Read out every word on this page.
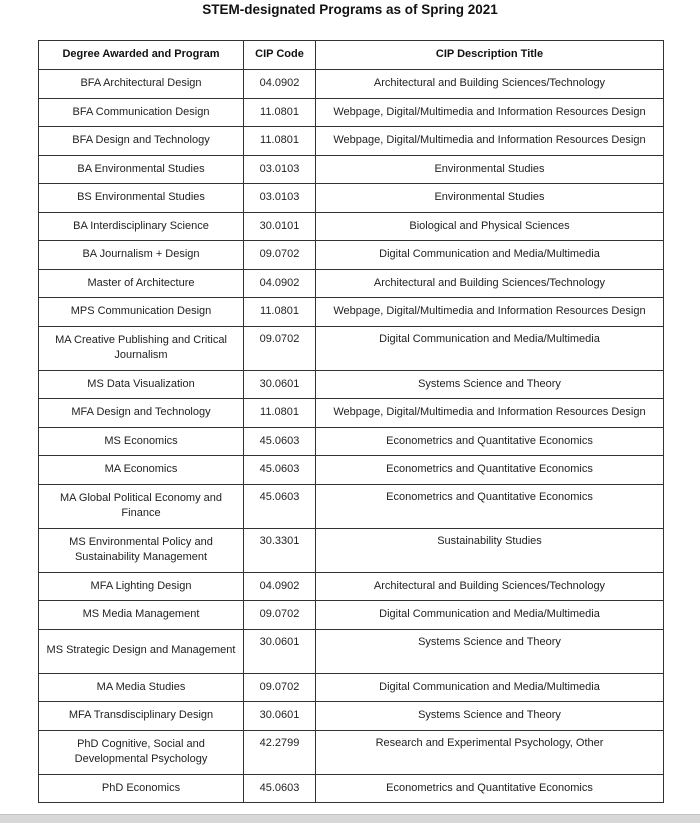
STEM-designated Programs as of Spring 2021
Degree Awarded and Program	CIP Code	CIP Description Title
BFA Architectural Design	04.0902	Architectural and Building Sciences/Technology
BFA Communication Design	11.0801	Webpage, Digital/Multimedia and Information Resources Design
BFA Design and Technology	11.0801	Webpage, Digital/Multimedia and Information Resources Design
BA Environmental Studies	03.0103	Environmental Studies
BS Environmental Studies	03.0103	Environmental Studies
BA Interdisciplinary Science	30.0101	Biological and Physical Sciences
BA Journalism + Design	09.0702	Digital Communication and Media/Multimedia
Master of Architecture	04.0902	Architectural and Building Sciences/Technology
MPS Communication Design	11.0801	Webpage, Digital/Multimedia and Information Resources Design
MA Creative Publishing and Critical Journalism	09.0702	Digital Communication and Media/Multimedia
MS Data Visualization	30.0601	Systems Science and Theory
MFA Design and Technology	11.0801	Webpage, Digital/Multimedia and Information Resources Design
MS Economics	45.0603	Econometrics and Quantitative Economics
MA Economics	45.0603	Econometrics and Quantitative Economics
MA Global Political Economy and Finance	45.0603	Econometrics and Quantitative Economics
MS Environmental Policy and Sustainability Management	30.3301	Sustainability Studies
MFA Lighting Design	04.0902	Architectural and Building Sciences/Technology
MS Media Management	09.0702	Digital Communication and Media/Multimedia
MS Strategic Design and Management	30.0601	Systems Science and Theory
MA Media Studies	09.0702	Digital Communication and Media/Multimedia
MFA Transdisciplinary Design	30.0601	Systems Science and Theory
PhD Cognitive, Social and Developmental Psychology	42.2799	Research and Experimental Psychology, Other
PhD Economics	45.0603	Econometrics and Quantitative Economics
